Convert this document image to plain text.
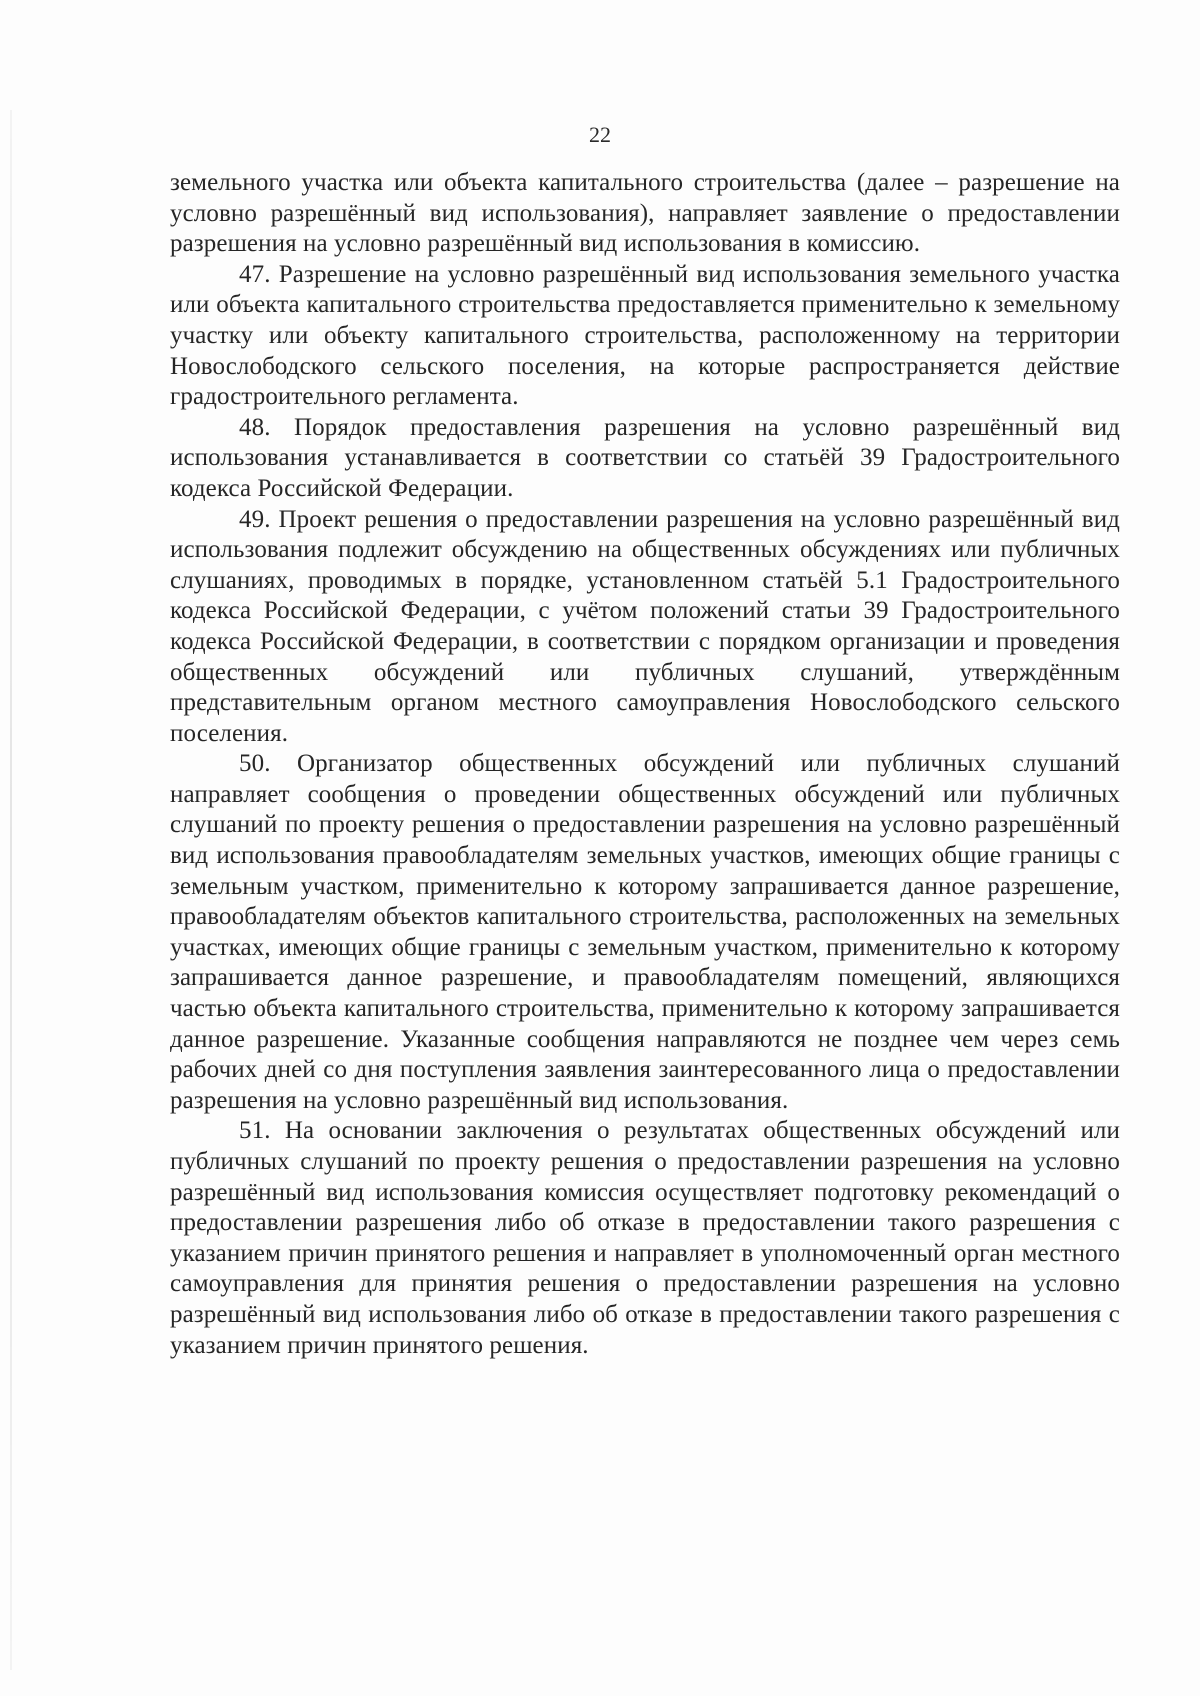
22

земельного участка или объекта капитального строительства (далее – разрешение на условно разрешённый вид использования), направляет заявление о предоставлении разрешения на условно разрешённый вид использования в комиссию.

47. Разрешение на условно разрешённый вид использования земельного участка или объекта капитального строительства предоставляется применительно к земельному участку или объекту капитального строительства, расположенному на территории Новослободского сельского поселения, на которые распространяется действие градостроительного регламента.

48. Порядок предоставления разрешения на условно разрешённый вид использования устанавливается в соответствии со статьёй 39 Градостроительного кодекса Российской Федерации.

49. Проект решения о предоставлении разрешения на условно разрешённый вид использования подлежит обсуждению на общественных обсуждениях или публичных слушаниях, проводимых в порядке, установленном статьёй 5.1 Градостроительного кодекса Российской Федерации, с учётом положений статьи 39 Градостроительного кодекса Российской Федерации, в соответствии с порядком организации и проведения общественных обсуждений или публичных слушаний, утверждённым представительным органом местного самоуправления Новослободского сельского поселения.

50. Организатор общественных обсуждений или публичных слушаний направляет сообщения о проведении общественных обсуждений или публичных слушаний по проекту решения о предоставлении разрешения на условно разрешённый вид использования правообладателям земельных участков, имеющих общие границы с земельным участком, применительно к которому запрашивается данное разрешение, правообладателям объектов капитального строительства, расположенных на земельных участках, имеющих общие границы с земельным участком, применительно к которому запрашивается данное разрешение, и правообладателям помещений, являющихся частью объекта капитального строительства, применительно к которому запрашивается данное разрешение. Указанные сообщения направляются не позднее чем через семь рабочих дней со дня поступления заявления заинтересованного лица о предоставлении разрешения на условно разрешённый вид использования.

51. На основании заключения о результатах общественных обсуждений или публичных слушаний по проекту решения о предоставлении разрешения на условно разрешённый вид использования комиссия осуществляет подготовку рекомендаций о предоставлении разрешения либо об отказе в предоставлении такого разрешения с указанием причин принятого решения и направляет в уполномоченный орган местного самоуправления для принятия решения о предоставлении разрешения на условно разрешённый вид использования либо об отказе в предоставлении такого разрешения с указанием причин принятого решения.
